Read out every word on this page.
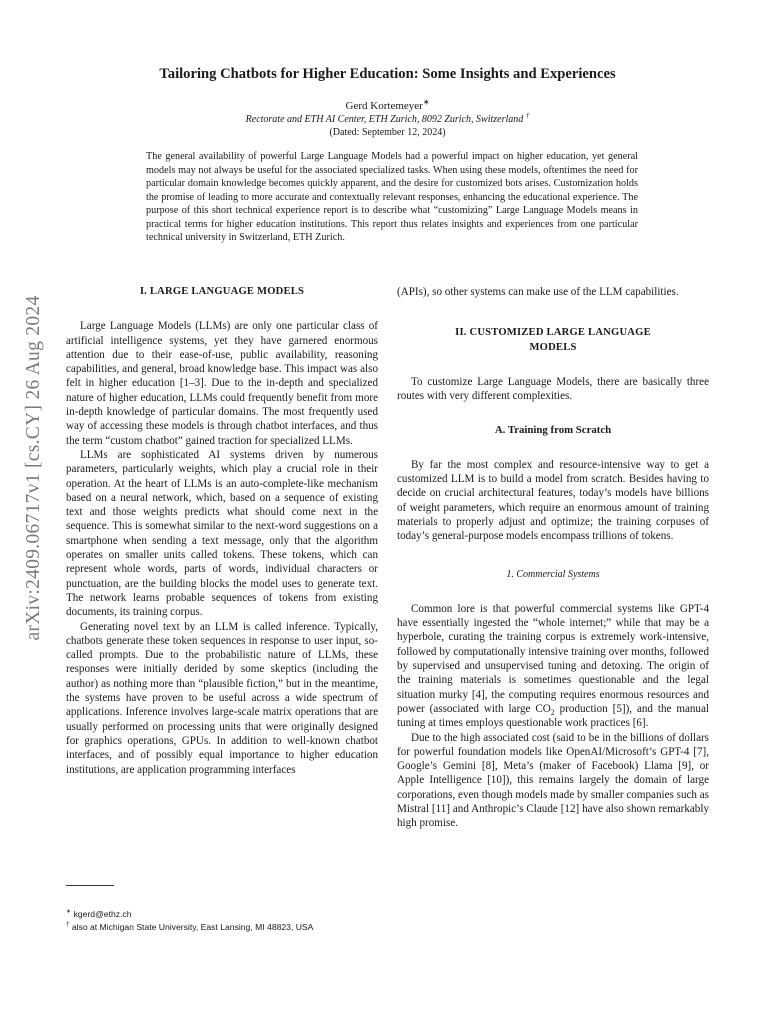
arXiv:2409.06717v1 [cs.CY] 26 Aug 2024
Tailoring Chatbots for Higher Education: Some Insights and Experiences
Gerd Kortemeyer∗
Rectorate and ETH AI Center, ETH Zurich, 8092 Zurich, Switzerland †
(Dated: September 12, 2024)

The general availability of powerful Large Language Models had a powerful impact on higher education, yet general models may not always be useful for the associated specialized tasks. When using these models, oftentimes the need for particular domain knowledge becomes quickly apparent, and the desire for customized bots arises. Customization holds the promise of leading to more accurate and contextually relevant responses, enhancing the educational experience. The purpose of this short technical experience report is to describe what “customizing” Large Language Models means in practical terms for higher education institutions. This report thus relates insights and experiences from one particular technical university in Switzerland, ETH Zurich.

I. LARGE LANGUAGE MODELS

Large Language Models (LLMs) are only one particular class of artificial intelligence systems, yet they have garnered enormous attention due to their ease-of-use, public availability, reasoning capabilities, and general, broad knowledge base. This impact was also felt in higher education [1–3]. Due to the in-depth and specialized nature of higher education, LLMs could frequently benefit from more in-depth knowledge of particular domains. The most frequently used way of accessing these models is through chatbot interfaces, and thus the term “custom chatbot” gained traction for specialized LLMs.

LLMs are sophisticated AI systems driven by numerous parameters, particularly weights, which play a crucial role in their operation. At the heart of LLMs is an auto-complete-like mechanism based on a neural network, which, based on a sequence of existing text and those weights predicts what should come next in the sequence. This is somewhat similar to the next-word suggestions on a smartphone when sending a text message, only that the algorithm operates on smaller units called tokens. These tokens, which can represent whole words, parts of words, individual characters or punctuation, are the building blocks the model uses to generate text. The network learns probable sequences of tokens from existing documents, its training corpus.

Generating novel text by an LLM is called inference. Typically, chatbots generate these token sequences in response to user input, so-called prompts. Due to the probabilistic nature of LLMs, these responses were initially derided by some skeptics (including the author) as nothing more than “plausible fiction,” but in the meantime, the systems have proven to be useful across a wide spectrum of applications. Inference involves large-scale matrix operations that are usually performed on processing units that were originally designed for graphics operations, GPUs. In addition to well-known chatbot interfaces, and of possibly equal importance to higher education institutions, are application programming interfaces

(APIs), so other systems can make use of the LLM capabilities.

II. CUSTOMIZED LARGE LANGUAGE
MODELS

To customize Large Language Models, there are basically three routes with very different complexities.

A. Training from Scratch

By far the most complex and resource-intensive way to get a customized LLM is to build a model from scratch. Besides having to decide on crucial architectural features, today’s models have billions of weight parameters, which require an enormous amount of training materials to properly adjust and optimize; the training corpuses of today’s general-purpose models encompass trillions of tokens.

1. Commercial Systems

Common lore is that powerful commercial systems like GPT-4 have essentially ingested the “whole internet;” while that may be a hyperbole, curating the training corpus is extremely work-intensive, followed by computationally intensive training over months, followed by supervised and unsupervised tuning and detoxing. The origin of the training materials is sometimes questionable and the legal situation murky [4], the computing requires enormous resources and power (associated with large $CO_2$ production [5]), and the manual tuning at times employs questionable work practices [6].

Due to the high associated cost (said to be in the billions of dollars for powerful foundation models like OpenAI/Microsoft’s GPT-4 [7], Google’s Gemini [8], Meta’s (maker of Facebook) Llama [9], or Apple Intelligence [10]), this remains largely the domain of large corporations, even though models made by smaller companies such as Mistral [11] and Anthropic’s Claude [12] have also shown remarkably high promise.

∗ kgerd@ethz.ch
† also at Michigan State University, East Lansing, MI 48823, USA
